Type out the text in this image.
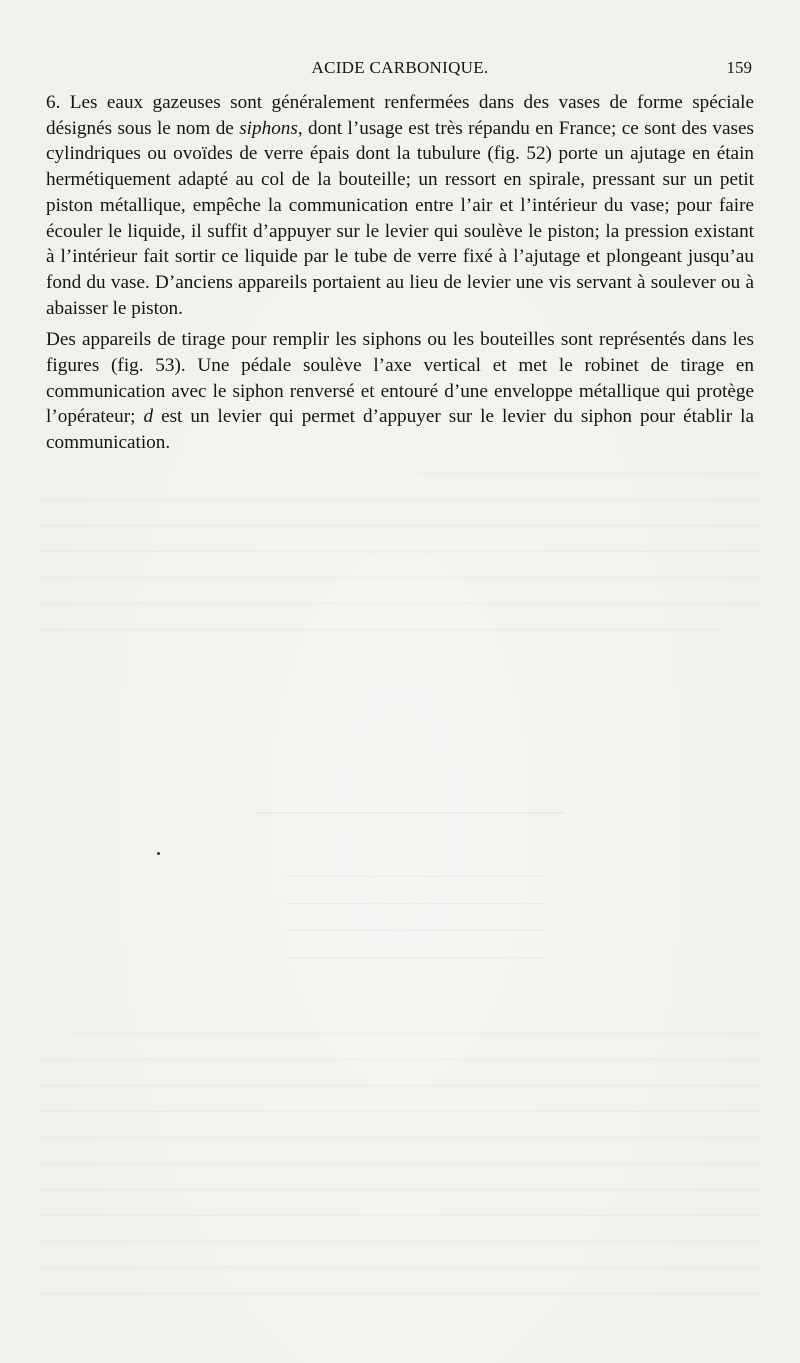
ACIDE CARBONIQUE.	159

6. Les eaux gazeuses sont généralement renfermées dans des vases de forme spéciale désignés sous le nom de siphons, dont l’usage est très répandu en France; ce sont des vases cylindriques ou ovoïdes de verre épais dont la tubulure (fig. 52) porte un ajutage en étain hermétiquement adapté au col de la bouteille; un ressort en spirale, pressant sur un petit piston métallique, empêche la communication entre l’air et l’intérieur du vase; pour faire écouler le liquide, il suffit d’appuyer sur le levier qui soulève le piston; la pression existant à l’intérieur fait sortir ce liquide par le tube de verre fixé à l’ajutage et plongeant jusqu’au fond du vase. D’anciens appareils portaient au lieu de levier une vis servant à soulever ou à abaisser le piston.

Des appareils de tirage pour remplir les siphons ou les bouteilles sont représentés dans les figures (fig. 53). Une pédale soulève l’axe vertical et met le robinet de tirage en communication avec le siphon renversé et entouré d’une enveloppe métallique qui protège l’opérateur; d est un levier qui permet d’appuyer sur le levier du siphon pour établir la communication.
